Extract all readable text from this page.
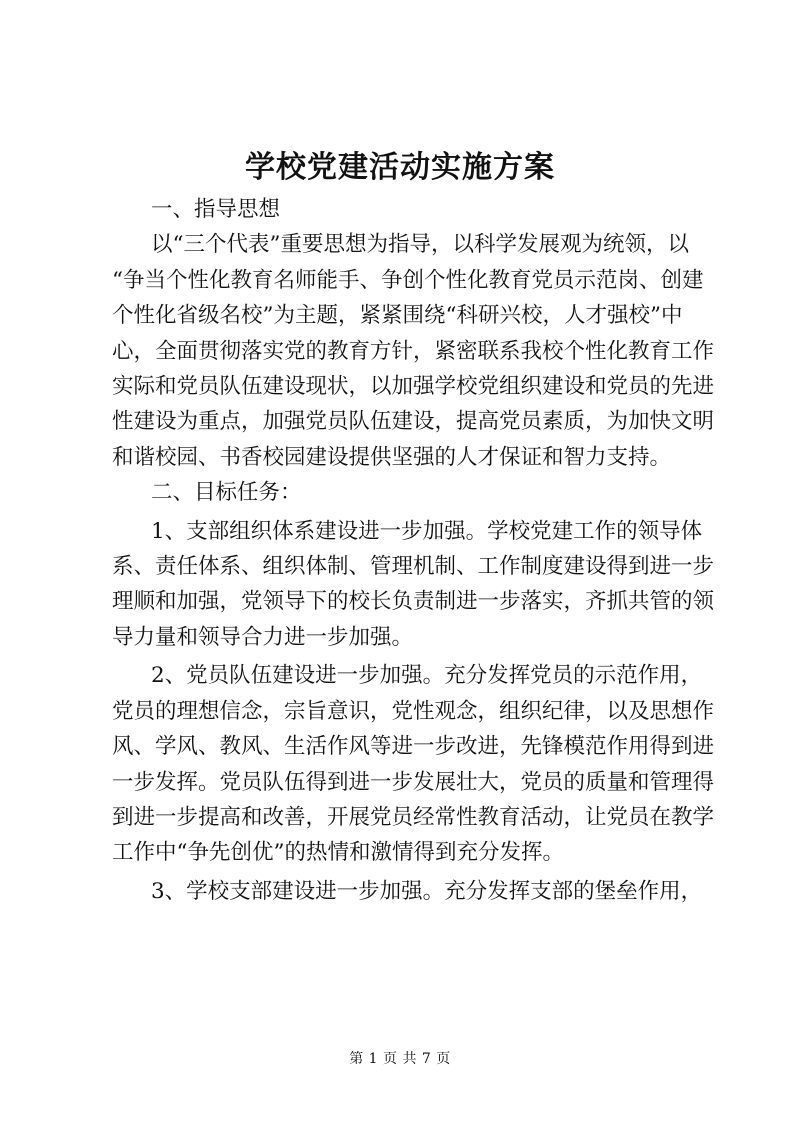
学校党建活动实施方案

一、指导思想

以“三个代表”重要思想为指导，以科学发展观为统领，以

“争当个性化教育名师能手、争创个性化教育党员示范岗、创建

个性化省级名校”为主题，紧紧围绕“科研兴校，人才强校”中

心，全面贯彻落实党的教育方针，紧密联系我校个性化教育工作

实际和党员队伍建设现状，以加强学校党组织建设和党员的先进

性建设为重点，加强党员队伍建设，提高党员素质，为加快文明

和谐校园、书香校园建设提供坚强的人才保证和智力支持。

二、目标任务：

1、支部组织体系建设进一步加强。学校党建工作的领导体

系、责任体系、组织体制、管理机制、工作制度建设得到进一步

理顺和加强，党领导下的校长负责制进一步落实，齐抓共管的领

导力量和领导合力进一步加强。

2、党员队伍建设进一步加强。充分发挥党员的示范作用，

党员的理想信念，宗旨意识，党性观念，组织纪律，以及思想作

风、学风、教风、生活作风等进一步改进，先锋模范作用得到进

一步发挥。党员队伍得到进一步发展壮大，党员的质量和管理得

到进一步提高和改善，开展党员经常性教育活动，让党员在教学

工作中“争先创优”的热情和激情得到充分发挥。

3、学校支部建设进一步加强。充分发挥支部的堡垒作用，

第 1 页 共 7 页
